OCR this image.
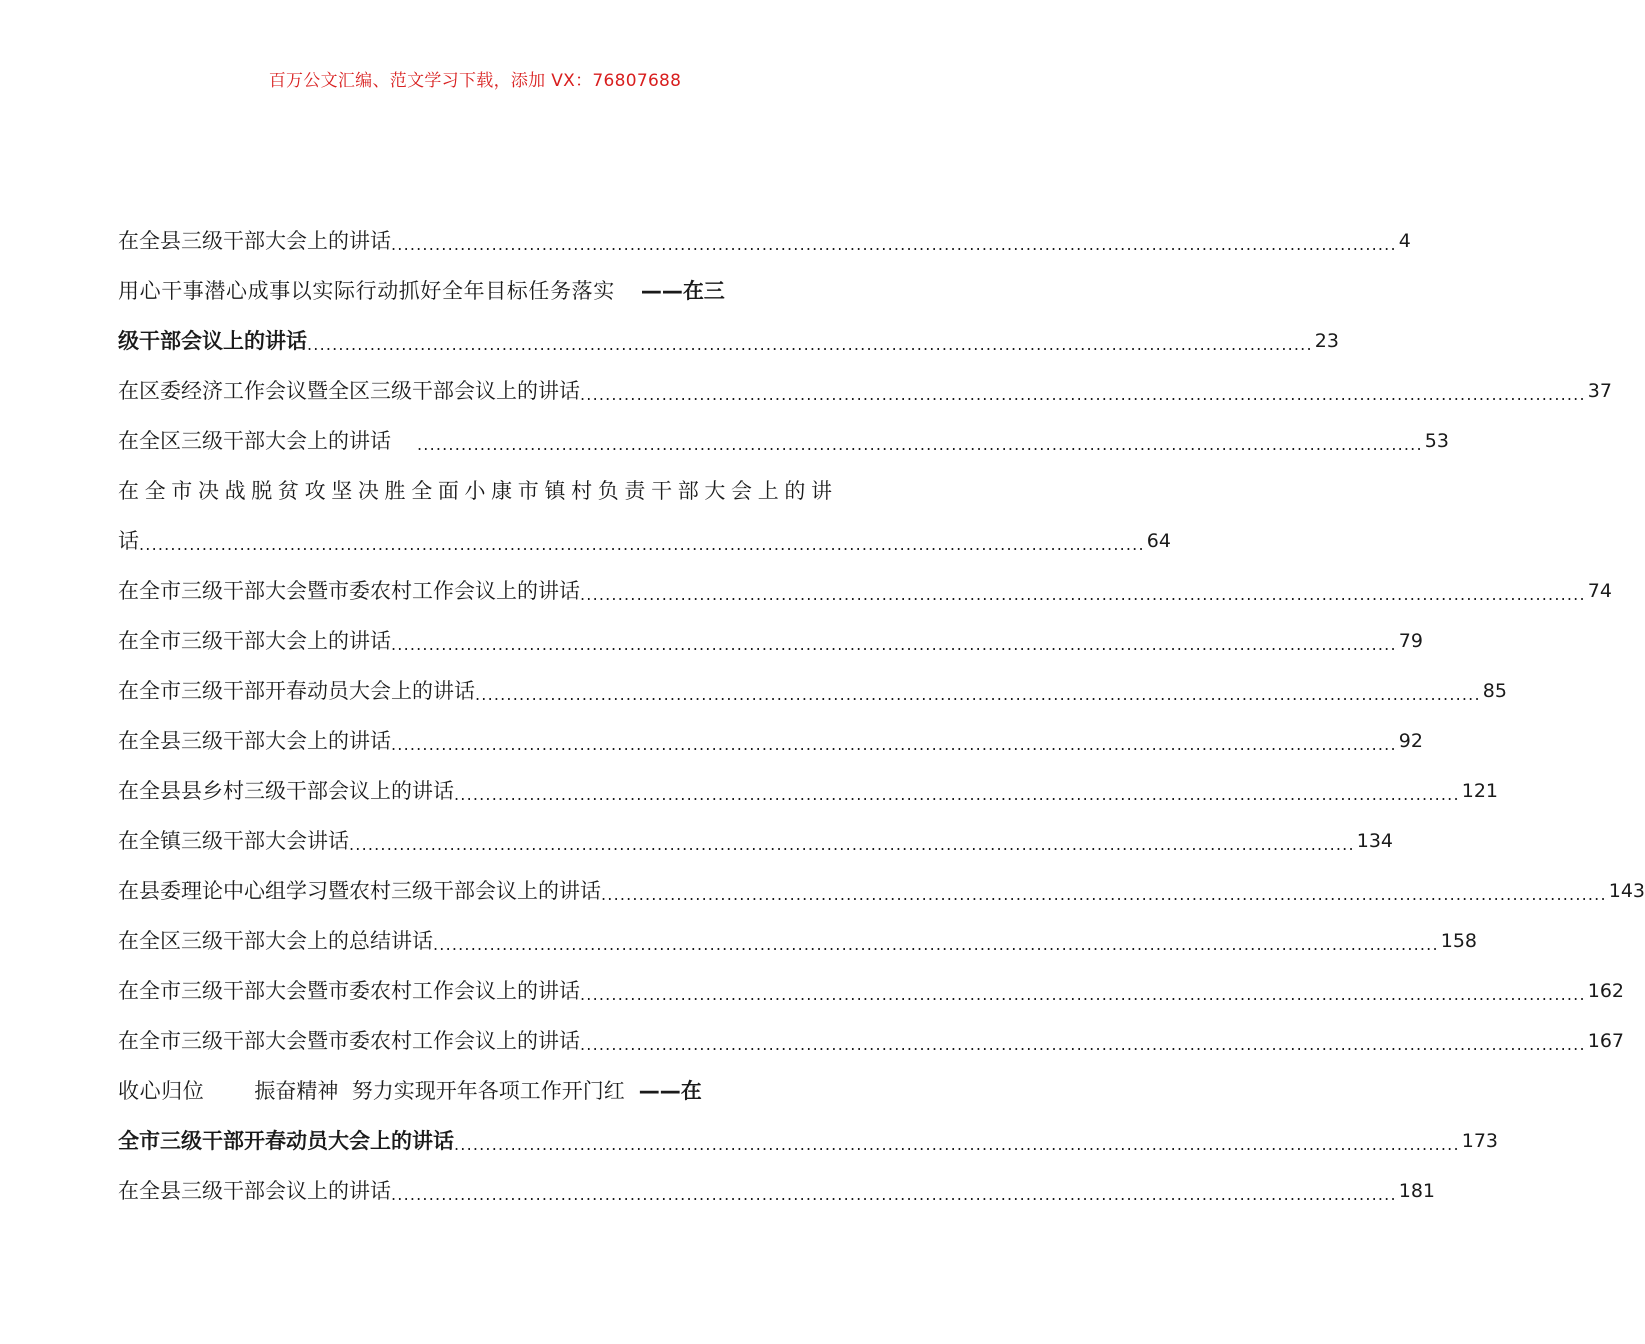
百万公文汇编、范文学习下载，添加 VX：76807688
在全县三级干部大会上的讲话 ................................................................................................................................................................ 4
用心干事潜心成事以实际行动抓好全年目标任务落实 ——在三
级干部会议上的讲话 ................................................................................................................................................................ 23
在区委经济工作会议暨全区三级干部会议上的讲话 ................................................................................................................................................................ 37
在全区三级干部大会上的讲话 ................................................................................................................................................................ 53
在全市决战脱贫攻坚决胜全面小康市镇村负责干部大会上的讲
话 ................................................................................................................................................................ 64
在全市三级干部大会暨市委农村工作会议上的讲话 ................................................................................................................................................................ 74
在全市三级干部大会上的讲话 ................................................................................................................................................................ 79
在全市三级干部开春动员大会上的讲话 ................................................................................................................................................................ 85
在全县三级干部大会上的讲话 ................................................................................................................................................................ 92
在全县县乡村三级干部会议上的讲话 ................................................................................................................................................................ 121
在全镇三级干部大会讲话 ................................................................................................................................................................ 134
在县委理论中心组学习暨农村三级干部会议上的讲话 ................................................................................................................................................................ 143
在全区三级干部大会上的总结讲话 ................................................................................................................................................................ 158
在全市三级干部大会暨市委农村工作会议上的讲话 ................................................................................................................................................................ 162
在全市三级干部大会暨市委农村工作会议上的讲话 ................................................................................................................................................................ 167
收心归位 振奋精神  努力实现开年各项工作开门红 ——在
全市三级干部开春动员大会上的讲话 ................................................................................................................................................................ 173
在全县三级干部会议上的讲话 ................................................................................................................................................................ 181
